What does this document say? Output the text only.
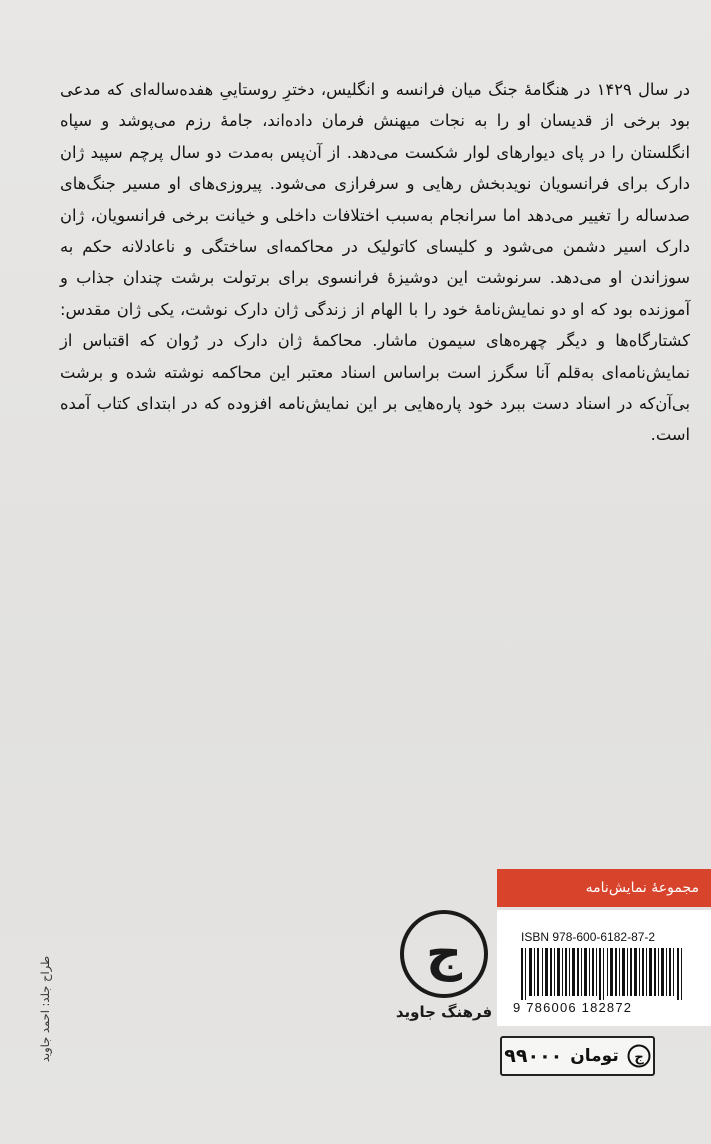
در سال ۱۴۲۹ در هنگامهٔ جنگ میان فرانسه و انگلیس، دخترِ روستاییِ هفده‌ساله‌ای که مدعی بود برخی از قدیسان او را به نجات میهنش فرمان داده‌اند، جامهٔ رزم می‌پوشد و سپاه انگلستان را در پای دیوارهای لوار شکست می‌دهد. از آن‌پس به‌مدت دو سال پرچم سپید ژان دارک برای فرانسویان نویدبخش رهایی و سرفرازی می‌شود. پیروزی‌های او مسیر جنگ‌های صدساله را تغییر می‌دهد اما سرانجام به‌سبب اختلافات داخلی و خیانت برخی فرانسویان، ژان دارک اسیر دشمن می‌شود و کلیسای کاتولیک در محاکمه‌ای ساختگی و ناعادلانه حکم به سوزاندن او می‌دهد. سرنوشت این دوشیزهٔ فرانسوی برای برتولت برشت چندان جذاب و آموزنده بود که او دو نمایش‌نامهٔ خود را با الهام از زندگی ژان دارک نوشت، یکی ژان مقدس: کشتارگاه‌ها و دیگر چهره‌های سیمون ماشار. محاکمهٔ ژان دارک در رُوان که اقتباس از نمایش‌نامه‌ای به‌قلم آنا سگرز است براساس اسناد معتبر این محاکمه نوشته شده و برشت بی‌آن‌که در اسناد دست ببرد خود پاره‌هایی بر این نمایش‌نامه افزوده که در ابتدای کتاب آمده است.

مجموعهٔ نمایش‌نامه
ISBN 978-600-6182-87-2
9 786006 182872
ج
فرهنگ جاوید
ج
تومان
۹۹۰۰۰
طراح جلد: احمد جاوید
